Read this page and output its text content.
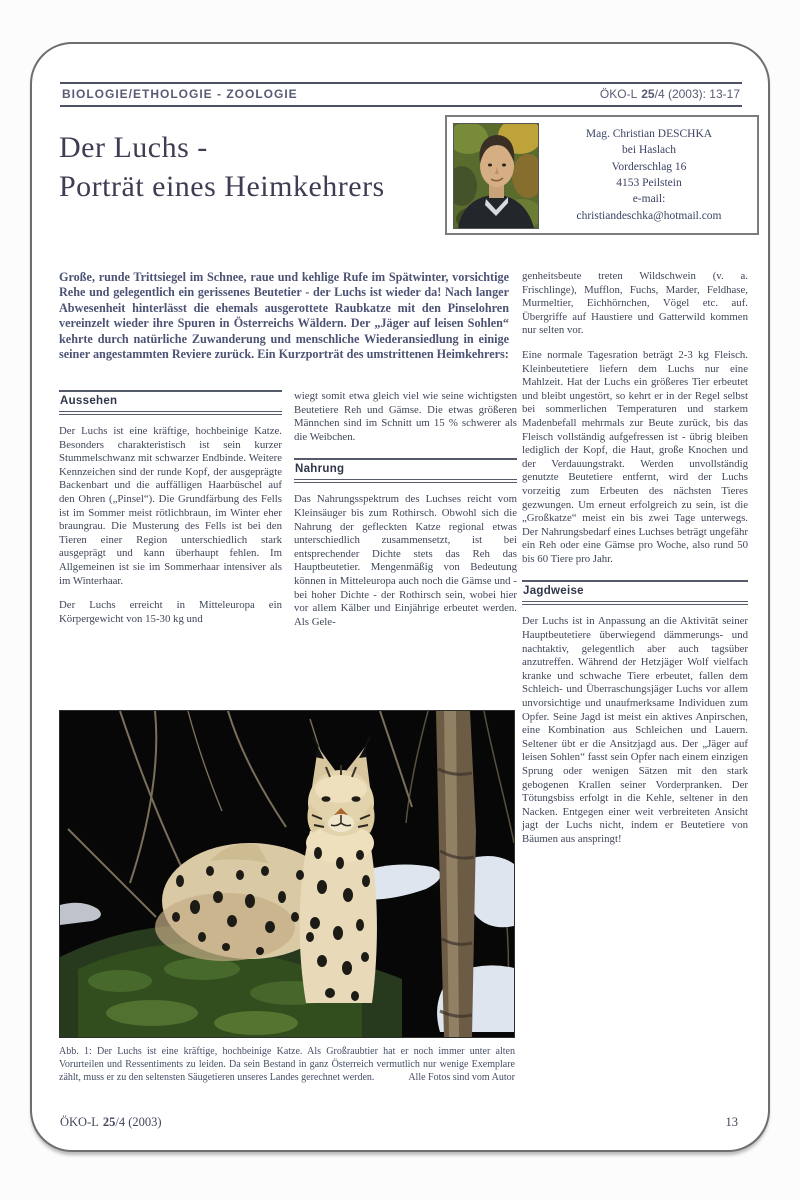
BIOLOGIE/ETHOLOGIE - ZOOLOGIE	ÖKO-L 25/4 (2003): 13-17
Der Luchs -
Porträt eines Heimkehrers
Mag. Christian DESCHKA
bei Haslach
Vorderschlag 16
4153 Peilstein
e-mail:
christiandeschka@hotmail.com

Große, runde Trittsiegel im Schnee, raue und kehlige Rufe im Spätwinter, vorsichtige Rehe und gelegentlich ein gerissenes Beutetier - der Luchs ist wieder da! Nach langer Abwesenheit hinterlässt die ehemals ausgerottete Raubkatze mit den Pinselohren vereinzelt wieder ihre Spuren in Österreichs Wäldern. Der „Jäger auf leisen Sohlen“ kehrte durch natürliche Zuwanderung und menschliche Wiederansiedlung in einige seiner angestammten Reviere zurück. Ein Kurzporträt des umstrittenen Heimkehrers:

Aussehen

Der Luchs ist eine kräftige, hochbeinige Katze. Besonders charakteristisch ist sein kurzer Stummelschwanz mit schwarzer Endbinde. Weitere Kennzeichen sind der runde Kopf, der ausgeprägte Backenbart und die auffälligen Haarbüschel auf den Ohren („Pinsel“). Die Grundfärbung des Fells ist im Sommer meist rötlichbraun, im Winter eher braungrau. Die Musterung des Fells ist bei den Tieren einer Region unterschiedlich stark ausgeprägt und kann überhaupt fehlen. Im Allgemeinen ist sie im Sommerhaar intensiver als im Winterhaar.

Der Luchs erreicht in Mitteleuropa ein Körpergewicht von 15-30 kg und

wiegt somit etwa gleich viel wie seine wichtigsten Beutetiere Reh und Gämse. Die etwas größeren Männchen sind im Schnitt um 15 % schwerer als die Weibchen.

Nahrung

Das Nahrungsspektrum des Luchses reicht vom Kleinsäuger bis zum Rothirsch. Obwohl sich die Nahrung der gefleckten Katze regional etwas unterschiedlich zusammensetzt, ist bei entsprechender Dichte stets das Reh das Hauptbeutetier. Mengenmäßig von Bedeutung können in Mitteleuropa auch noch die Gämse und - bei hoher Dichte - der Rothirsch sein, wobei hier vor allem Kälber und Einjährige erbeutet werden. Als Gele-

genheitsbeute treten Wildschwein (v. a. Frischlinge), Mufflon, Fuchs, Marder, Feldhase, Murmeltier, Eichhörnchen, Vögel etc. auf. Übergriffe auf Haustiere und Gatterwild kommen nur selten vor.

Eine normale Tagesration beträgt 2-3 kg Fleisch. Kleinbeutetiere liefern dem Luchs nur eine Mahlzeit. Hat der Luchs ein größeres Tier erbeutet und bleibt ungestört, so kehrt er in der Regel selbst bei sommerlichen Temperaturen und starkem Madenbefall mehrmals zur Beute zurück, bis das Fleisch vollständig aufgefressen ist - übrig bleiben lediglich der Kopf, die Haut, große Knochen und der Verdauungstrakt. Werden unvollständig genutzte Beutetiere entfernt, wird der Luchs vorzeitig zum Erbeuten des nächsten Tieres gezwungen. Um erneut erfolgreich zu sein, ist die „Großkatze“ meist ein bis zwei Tage unterwegs. Der Nahrungsbedarf eines Luchses beträgt ungefähr ein Reh oder eine Gämse pro Woche, also rund 50 bis 60 Tiere pro Jahr.

Jagdweise

Der Luchs ist in Anpassung an die Aktivität seiner Hauptbeutetiere überwiegend dämmerungs- und nachtaktiv, gelegentlich aber auch tagsüber anzutreffen. Während der Hetzjäger Wolf vielfach kranke und schwache Tiere erbeutet, fallen dem Schleich- und Überraschungsjäger Luchs vor allem unvorsichtige und unaufmerksame Individuen zum Opfer. Seine Jagd ist meist ein aktives Anpirschen, eine Kombination aus Schleichen und Lauern. Seltener übt er die Ansitzjagd aus. Der „Jäger auf leisen Sohlen“ fasst sein Opfer nach einem einzigen Sprung oder wenigen Sätzen mit den stark gebogenen Krallen seiner Vorderpranken. Der Tötungsbiss erfolgt in die Kehle, seltener in den Nacken. Entgegen einer weit verbreiteten Ansicht jagt der Luchs nicht, indem er Beutetiere von Bäumen aus anspringt!

Abb. 1: Der Luchs ist eine kräftige, hochbeinige Katze. Als Großraubtier hat er noch immer unter alten Vorurteilen und Ressentiments zu leiden. Da sein Bestand in ganz Österreich vermutlich nur wenige Exemplare zählt, muss er zu den seltensten Säugetieren unseres Landes gerechnet werden.	Alle Fotos sind vom Autor
ÖKO-L 25/4 (2003)	13
